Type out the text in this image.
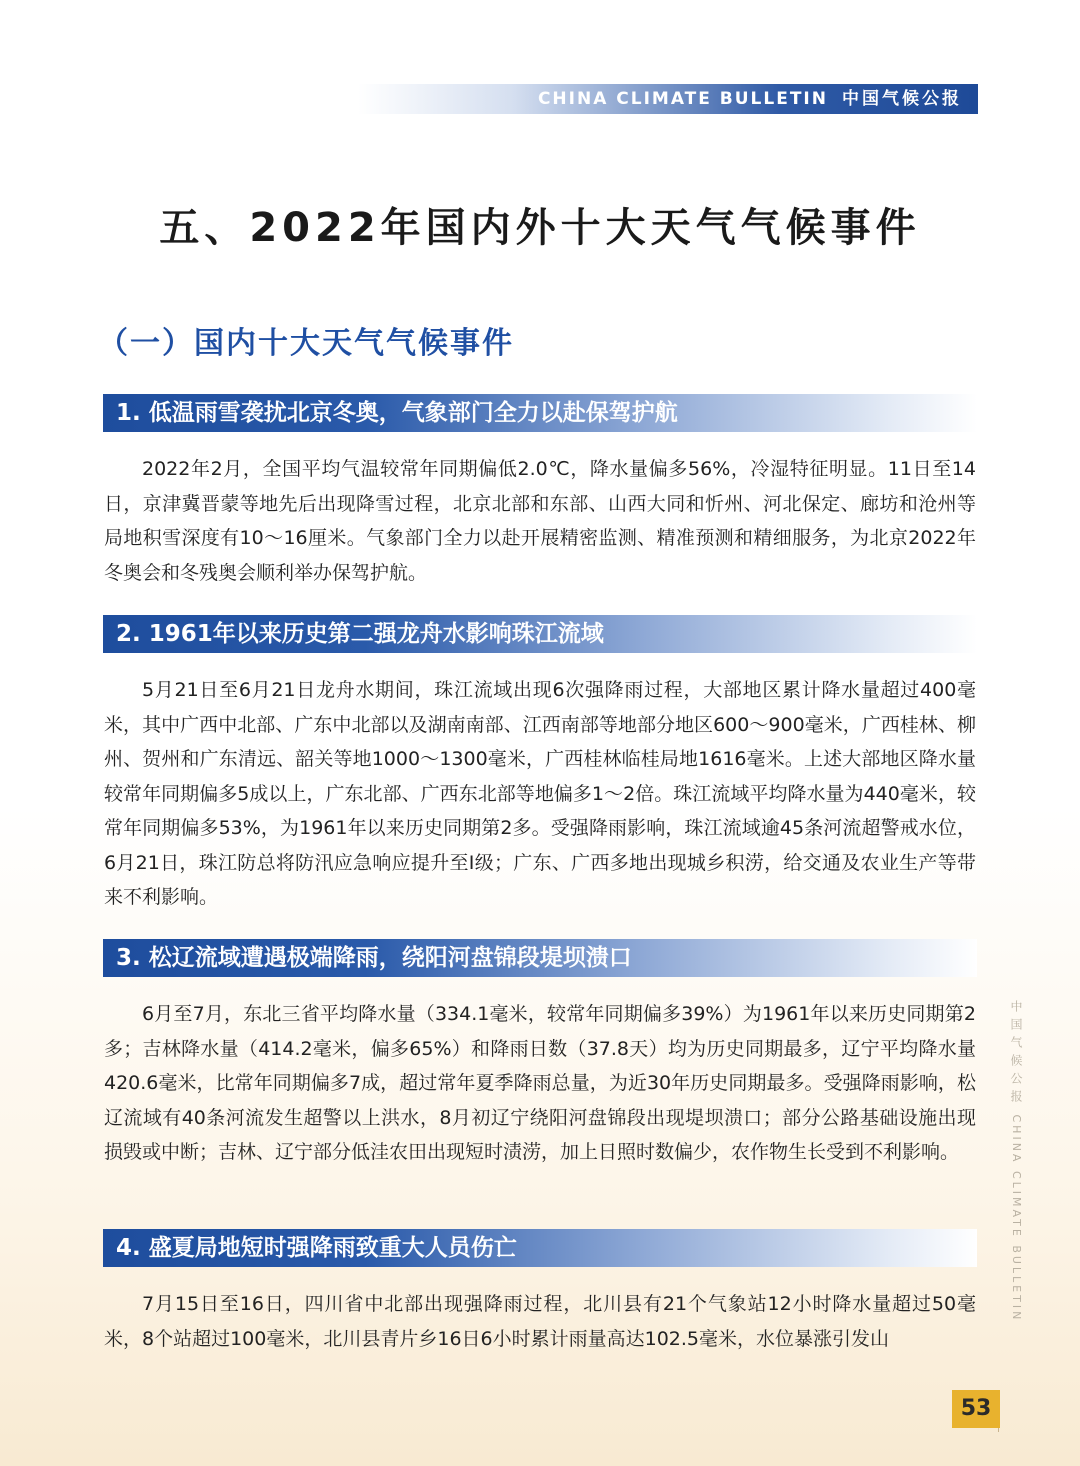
CHINA CLIMATE BULLETIN 中国气候公报
五、2022年国内外十大天气气候事件
（一）国内十大天气气候事件
1. 低温雨雪袭扰北京冬奥，气象部门全力以赴保驾护航

2022年2月，全国平均气温较常年同期偏低2.0℃，降水量偏多56%，冷湿特征明显。11日至14日，京津冀晋蒙等地先后出现降雪过程，北京北部和东部、山西大同和忻州、河北保定、廊坊和沧州等局地积雪深度有10～16厘米。气象部门全力以赴开展精密监测、精准预测和精细服务，为北京2022年冬奥会和冬残奥会顺利举办保驾护航。

2. 1961年以来历史第二强龙舟水影响珠江流域

5月21日至6月21日龙舟水期间，珠江流域出现6次强降雨过程，大部地区累计降水量超过400毫米，其中广西中北部、广东中北部以及湖南南部、江西南部等地部分地区600～900毫米，广西桂林、柳州、贺州和广东清远、韶关等地1000～1300毫米，广西桂林临桂局地1616毫米。上述大部地区降水量较常年同期偏多5成以上，广东北部、广西东北部等地偏多1～2倍。珠江流域平均降水量为440毫米，较常年同期偏多53%，为1961年以来历史同期第2多。受强降雨影响，珠江流域逾45条河流超警戒水位，6月21日，珠江防总将防汛应急响应提升至Ⅰ级；广东、广西多地出现城乡积涝，给交通及农业生产等带来不利影响。

3. 松辽流域遭遇极端降雨，绕阳河盘锦段堤坝溃口

6月至7月，东北三省平均降水量（334.1毫米，较常年同期偏多39%）为1961年以来历史同期第2多；吉林降水量（414.2毫米，偏多65%）和降雨日数（37.8天）均为历史同期最多，辽宁平均降水量420.6毫米，比常年同期偏多7成，超过常年夏季降雨总量，为近30年历史同期最多。受强降雨影响，松辽流域有40条河流发生超警以上洪水，8月初辽宁绕阳河盘锦段出现堤坝溃口；部分公路基础设施出现损毁或中断；吉林、辽宁部分低洼农田出现短时渍涝，加上日照时数偏少，农作物生长受到不利影响。

4. 盛夏局地短时强降雨致重大人员伤亡

7月15日至16日，四川省中北部出现强降雨过程，北川县有21个气象站12小时降水量超过50毫米，8个站超过100毫米，北川县青片乡16日6小时累计雨量高达102.5毫米，水位暴涨引发山

中国气候公报 CHINA CLIMATE BULLETIN
53
